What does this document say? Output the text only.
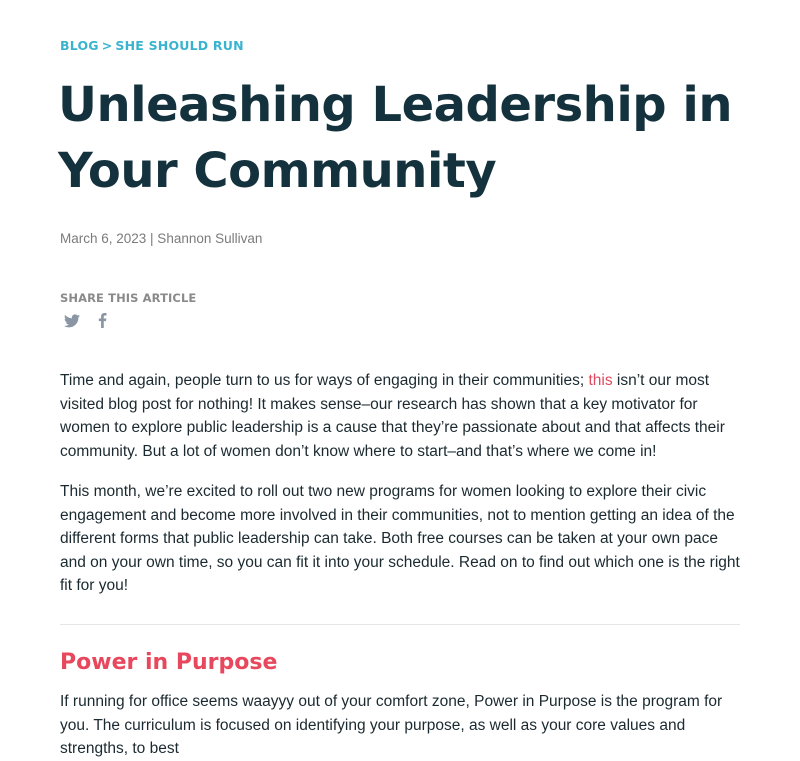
BLOG > SHE SHOULD RUN
Unleashing Leadership in Your Community
March 6, 2023 | Shannon Sullivan
SHARE THIS ARTICLE

Time and again, people turn to us for ways of engaging in their communities; this isn’t our most visited blog post for nothing! It makes sense–our research has shown that a key motivator for women to explore public leadership is a cause that they’re passionate about and that affects their community. But a lot of women don’t know where to start–and that’s where we come in!

This month, we’re excited to roll out two new programs for women looking to explore their civic engagement and become more involved in their communities, not to mention getting an idea of the different forms that public leadership can take. Both free courses can be taken at your own pace and on your own time, so you can fit it into your schedule. Read on to find out which one is the right fit for you!

Power in Purpose

If running for office seems waayyy out of your comfort zone, Power in Purpose is the program for you. The curriculum is focused on identifying your purpose, as well as your core values and strengths, to best
